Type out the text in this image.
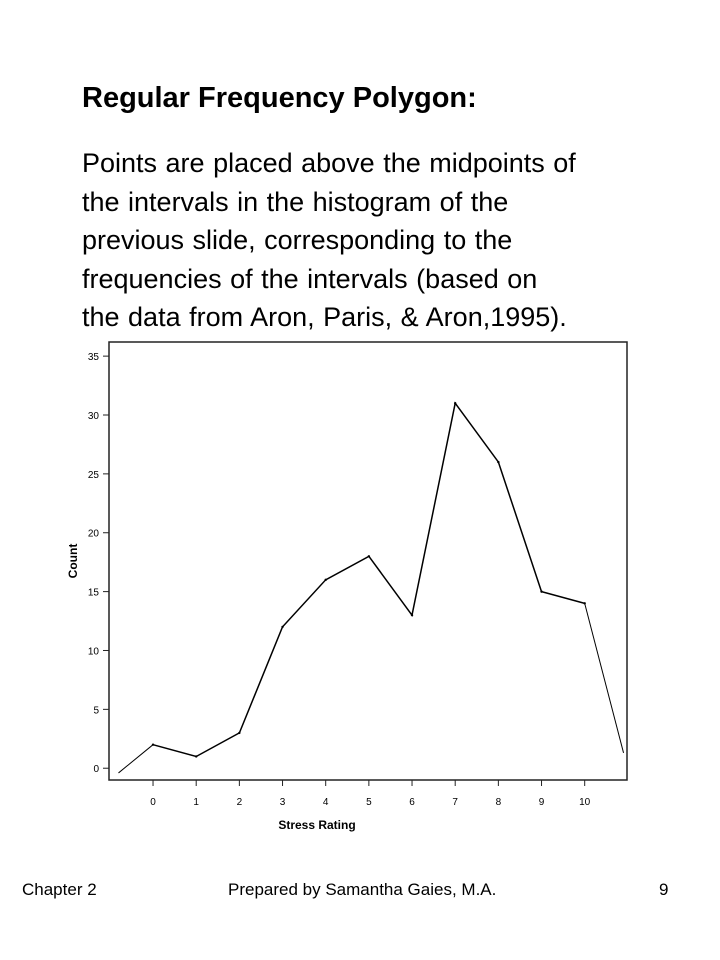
Regular Frequency Polygon:
Points are placed above the midpoints of
the intervals in the histogram of the
previous slide, corresponding to the
frequencies of the intervals (based on
the data from Aron, Paris, & Aron,1995).
0
5
10
15
20
25
30
35
0	1	2	3	4	5	6	7	8	9	10
Stress Rating
Count
Chapter 2	Prepared by Samantha Gaies, M.A.	9
